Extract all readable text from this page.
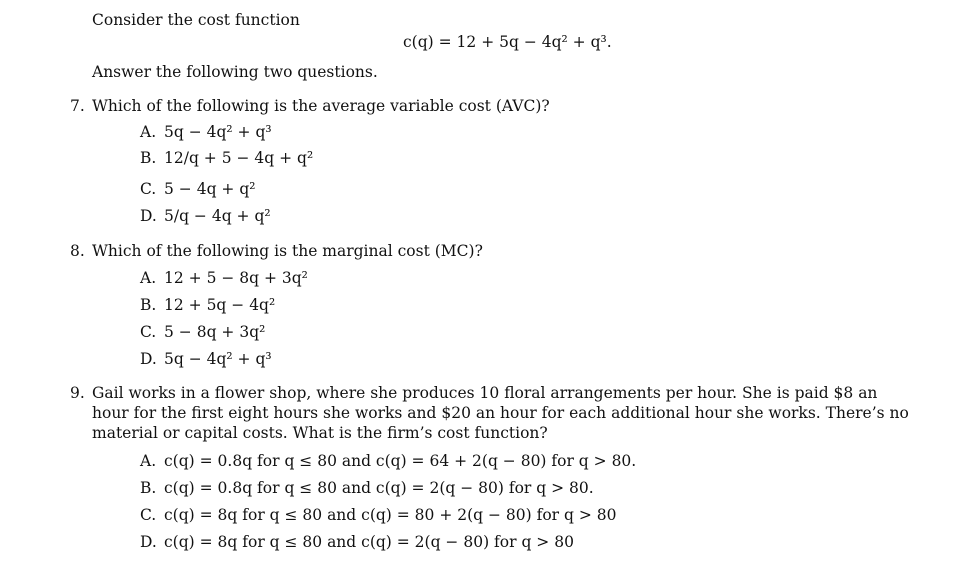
Consider the cost function
c(q) = 12 + 5q − 4q² + q³.
Answer the following two questions.
7. Which of the following is the average variable cost (AVC)?
A. 5q − 4q² + q³
B. 12/q + 5 − 4q + q²
C. 5 − 4q + q²
D. 5/q − 4q + q²
8. Which of the following is the marginal cost (MC)?
A. 12 + 5 − 8q + 3q²
B. 12 + 5q − 4q²
C. 5 − 8q + 3q²
D. 5q − 4q² + q³
9. Gail works in a flower shop, where she produces 10 floral arrangements per hour. She is paid $8 an hour for the first eight hours she works and $20 an hour for each additional hour she works. There’s no material or capital costs. What is the firm’s cost function?
A. c(q) = 0.8q for q ≤ 80 and c(q) = 64 + 2(q − 80) for q > 80.
B. c(q) = 0.8q for q ≤ 80 and c(q) = 2(q − 80) for q > 80.
C. c(q) = 8q for q ≤ 80 and c(q) = 80 + 2(q − 80) for q > 80
D. c(q) = 8q for q ≤ 80 and c(q) = 2(q − 80) for q > 80
